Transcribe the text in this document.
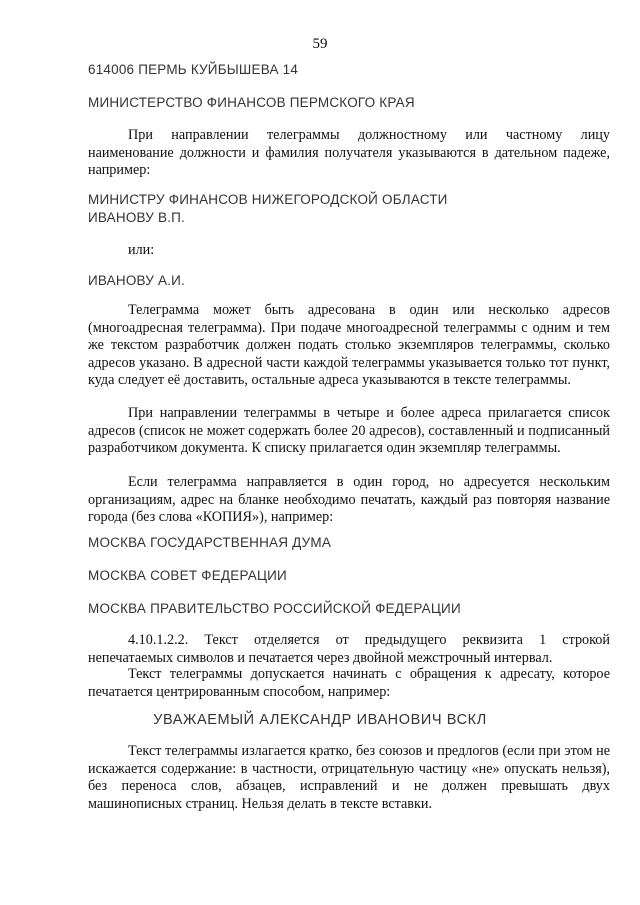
59
614006 ПЕРМЬ КУЙБЫШЕВА 14
МИНИСТЕРСТВО ФИНАНСОВ ПЕРМСКОГО КРАЯ

При направлении телеграммы должностному или частному лицу наименование должности и фамилия получателя указываются в дательном падеже, например:

МИНИСТРУ ФИНАНСОВ НИЖЕГОРОДСКОЙ ОБЛАСТИ
ИВАНОВУ В.П.
или:
ИВАНОВУ А.И.

Телеграмма может быть адресована в один или несколько адресов (многоадресная телеграмма). При подаче многоадресной телеграммы с одним и тем же текстом разработчик должен подать столько экземпляров телеграммы, сколько адресов указано. В адресной части каждой телеграммы указывается только тот пункт, куда следует её доставить, остальные адреса указываются в тексте телеграммы.

При направлении телеграммы в четыре и более адреса прилагается список адресов (список не может содержать более 20 адресов), составленный и подписанный разработчиком документа. К списку прилагается один экземпляр телеграммы.

Если телеграмма направляется в один город, но адресуется нескольким организациям, адрес на бланке необходимо печатать, каждый раз повторяя название города (без слова «КОПИЯ»), например:

МОСКВА ГОСУДАРСТВЕННАЯ ДУМА
МОСКВА СОВЕТ ФЕДЕРАЦИИ
МОСКВА ПРАВИТЕЛЬСТВО РОССИЙСКОЙ ФЕДЕРАЦИИ

4.10.1.2.2. Текст отделяется от предыдущего реквизита 1 строкой непечатаемых символов и печатается через двойной межстрочный интервал.

Текст телеграммы допускается начинать с обращения к адресату, которое печатается центрированным способом, например:

УВАЖАЕМЫЙ АЛЕКСАНДР ИВАНОВИЧ ВСКЛ

Текст телеграммы излагается кратко, без союзов и предлогов (если при этом не искажается содержание: в частности, отрицательную частицу «не» опускать нельзя), без переноса слов, абзацев, исправлений и не должен превышать двух машинописных страниц. Нельзя делать в тексте вставки.
